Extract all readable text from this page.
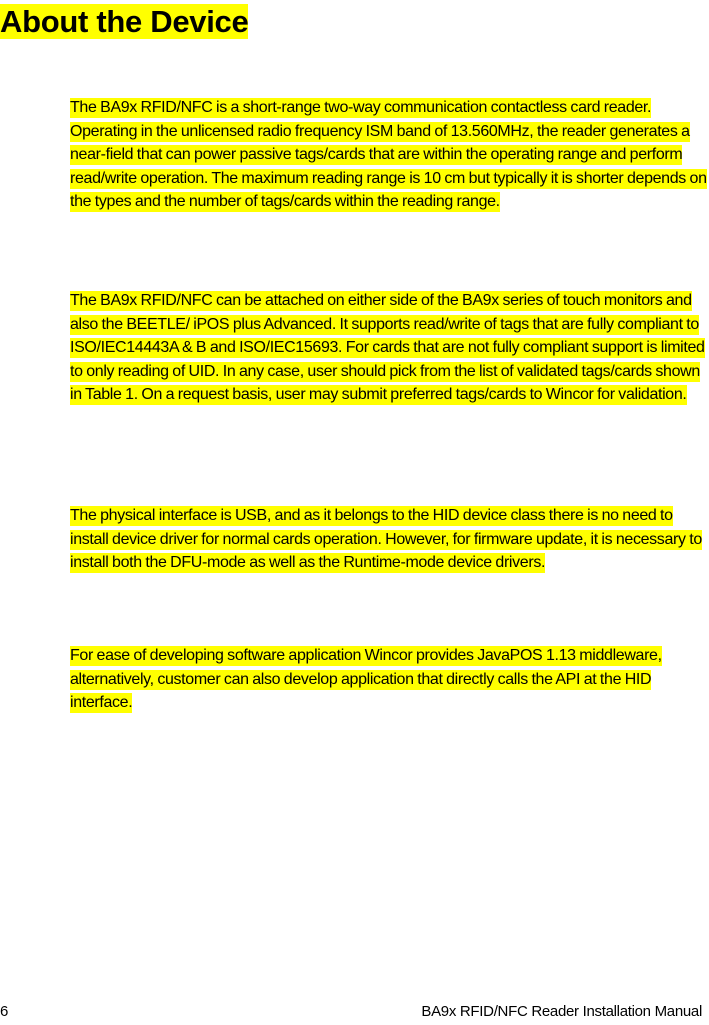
About the Device

The BA9x RFID/NFC is a short-range two-way communication contactless card reader. Operating in the unlicensed radio frequency ISM band of 13.560MHz, the reader generates a near-field that can power passive tags/cards that are within the operating range and perform read/write operation. The maximum reading range is 10 cm but typically it is shorter depends on the types and the number of tags/cards within the reading range.

The BA9x RFID/NFC can be attached on either side of the BA9x series of touch monitors and also the BEETLE/ iPOS plus Advanced. It supports read/write of tags that are fully compliant to ISO/IEC14443A & B and ISO/IEC15693. For cards that are not fully compliant support is limited to only reading of UID. In any case, user should pick from the list of validated tags/cards shown in Table 1. On a request basis, user may submit preferred tags/cards to Wincor for validation.

The physical interface is USB, and as it belongs to the HID device class there is no need to install device driver for normal cards operation. However, for firmware update, it is necessary to install both the DFU-mode as well as the Runtime-mode device drivers.

For ease of developing software application Wincor provides JavaPOS 1.13 middleware, alternatively, customer can also develop application that directly calls the API at the HID interface.

6	BA9x RFID/NFC Reader Installation Manual
